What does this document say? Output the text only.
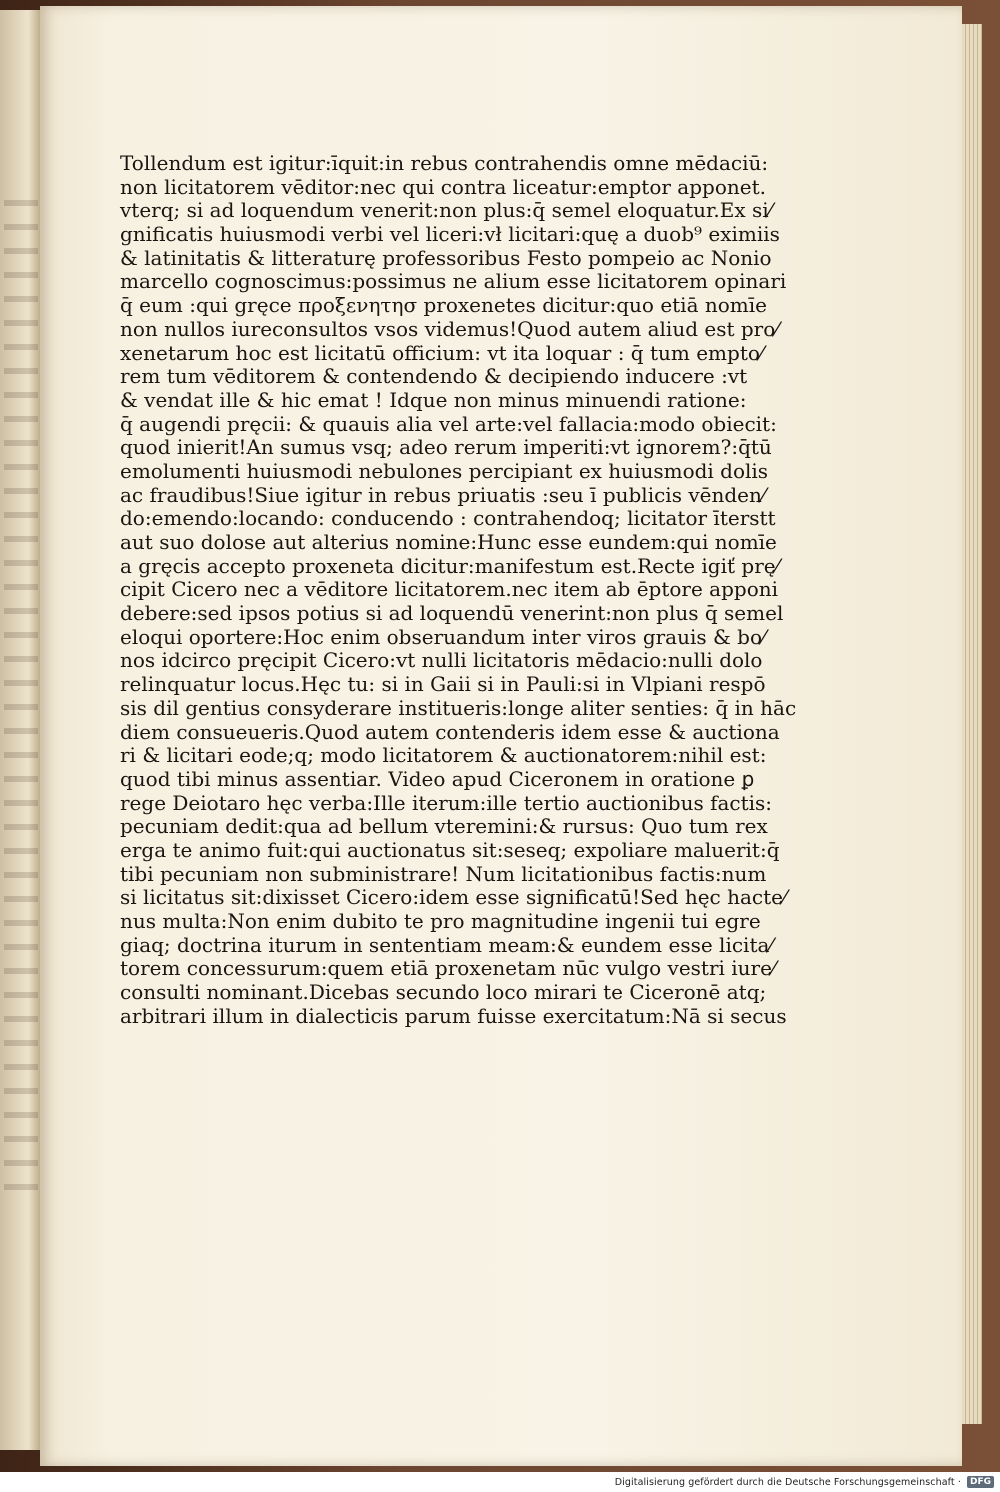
Tollendum est igitur:īquit:in rebus contrahendis omne mēdaciū:
non licitatorem vēditor:nec qui contra liceatur:emptor apponet.
vterq; si ad loquendum venerit:non plus:q̄ semel eloquatur.Ex si⁄
gnificatis huiusmodi verbi vel liceri:vł licitari:quę a duob⁹ eximiis
& latinitatis & litteraturę professoribus Festo pompeio ac Nonio
marcello cognoscimus:possimus ne alium esse licitatorem opinari
q̄ eum :qui gręce προξενητησ proxenetes dicitur:quo etiā nomīe
non nullos iureconsultos vsos videmus!Quod autem aliud est pro⁄
xenetarum hoc est licitatū officium: vt ita loquar : q̄ tum empto⁄
rem tum vēditorem & contendendo & decipiendo inducere :vt
& vendat ille & hic emat ! Idque non minus minuendi ratione:
q̄ augendi pręcii: & quauis alia vel arte:vel fallacia:modo obiecit:
quod inierit!An sumus vsq; adeo rerum imperiti:vt ignorem?:q̄tū
emolumenti huiusmodi nebulones percipiant ex huiusmodi dolis
ac fraudibus!Siue igitur in rebus priuatis :seu ī publicis vēnden⁄
do:emendo:locando: conducendo : contrahendoq; licitator īterstt
aut suo dolose aut alterius nomine:Hunc esse eundem:qui nomīe
a gręcis accepto proxeneta dicitur:manifestum est.Recte igiť prę⁄
cipit Cicero nec a vēditore licitatorem.nec item ab ēptore apponi
debere:sed ipsos potius si ad loquendū venerint:non plus q̄ semel
eloqui oportere:Hoc enim obseruandum inter viros grauis & bo⁄
nos idcirco pręcipit Cicero:vt nulli licitatoris mēdacio:nulli dolo
relinquatur locus.Hęc tu: si in Gaii si in Pauli:si in Vlpiani respō
sis dil gentius consyderare institueris:longe aliter senties: q̄ in hāc
diem consueueris.Quod autem contenderis idem esse & auctiona
ri & licitari eode;q; modo licitatorem & auctionatorem:nihil est:
quod tibi minus assentiar. Video apud Ciceronem in oratione ꝑ
rege Deiotaro hęc verba:Ille iterum:ille tertio auctionibus factis:
pecuniam dedit:qua ad bellum vteremini:& rursus: Quo tum rex
erga te animo fuit:qui auctionatus sit:seseq; expoliare maluerit:q̄
tibi pecuniam non subministrare! Num licitationibus factis:num
si licitatus sit:dixisset Cicero:idem esse significatū!Sed hęc hacte⁄
nus multa:Non enim dubito te pro magnitudine ingenii tui egre
giaq; doctrina iturum in sententiam meam:& eundem esse licita⁄
torem concessurum:quem etiā proxenetam nūc vulgo vestri iure⁄
consulti nominant.Dicebas secundo loco mirari te Ciceronē atq;
arbitrari illum in dialecticis parum fuisse exercitatum:Nā si secus
Digitalisierung gefördert durch die Deutsche Forschungsgemeinschaft ·	DFG
